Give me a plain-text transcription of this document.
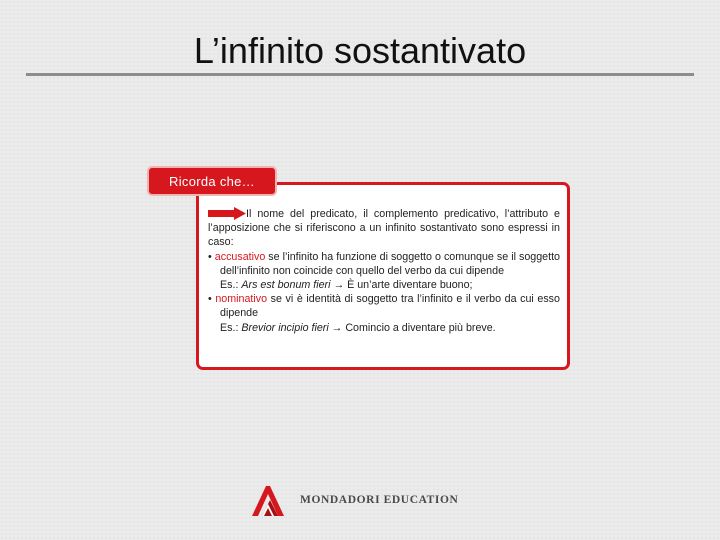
L’infinito sostantivato
Ricorda che…
Il nome del predicato, il complemento predicativo, l’attributo e l’apposizione che si riferiscono a un infinito sostantivato sono espressi in caso:
• accusativo se l’infinito ha funzione di soggetto o comunque se il soggetto dell’infinito non coincide con quello del verbo da cui dipende
Es.: Ars est bonum fieri → È un’arte diventare buono;
• nominativo se vi è identità di soggetto tra l’infinito e il verbo da cui esso dipende
Es.: Brevior incipio fieri → Comincio a diventare più breve.
MONDADORI EDUCATION
